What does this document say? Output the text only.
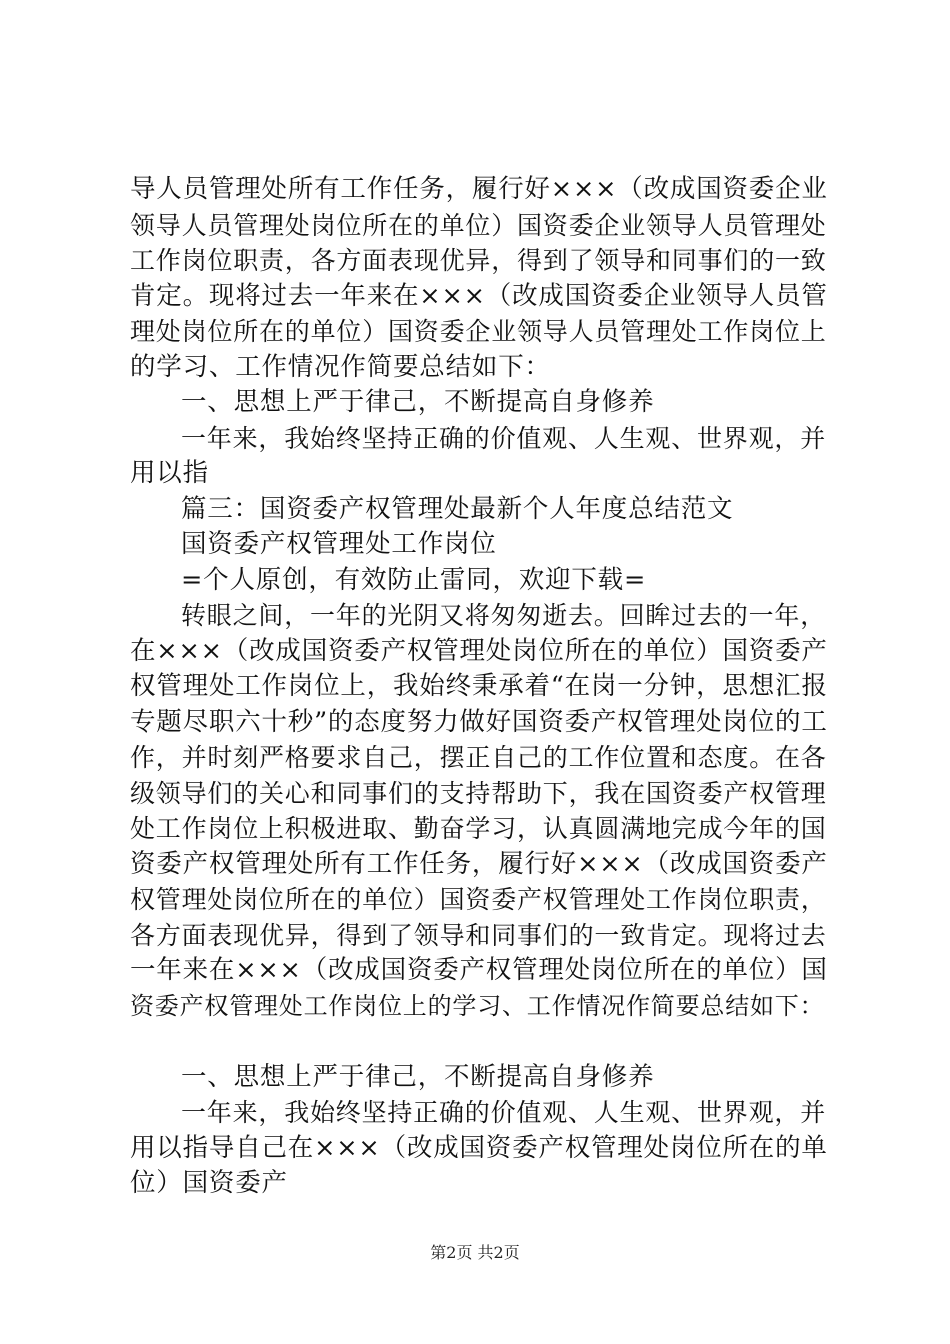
导人员管理处所有工作任务，履行好×××（改成国资委企业
领导人员管理处岗位所在的单位）国资委企业领导人员管理处
工作岗位职责，各方面表现优异，得到了领导和同事们的一致
肯定。现将过去一年来在×××（改成国资委企业领导人员管
理处岗位所在的单位）国资委企业领导人员管理处工作岗位上
的学习、工作情况作简要总结如下：
一、思想上严于律己，不断提高自身修养
一年来，我始终坚持正确的价值观、人生观、世界观，并
用以指
篇三：国资委产权管理处最新个人年度总结范文
国资委产权管理处工作岗位
=个人原创，有效防止雷同，欢迎下载=
转眼之间，一年的光阴又将匆匆逝去。回眸过去的一年，
在×××（改成国资委产权管理处岗位所在的单位）国资委产
权管理处工作岗位上，我始终秉承着“在岗一分钟，思想汇报
专题尽职六十秒”的态度努力做好国资委产权管理处岗位的工
作，并时刻严格要求自己，摆正自己的工作位置和态度。在各
级领导们的关心和同事们的支持帮助下，我在国资委产权管理
处工作岗位上积极进取、勤奋学习，认真圆满地完成今年的国
资委产权管理处所有工作任务，履行好×××（改成国资委产
权管理处岗位所在的单位）国资委产权管理处工作岗位职责，
各方面表现优异，得到了领导和同事们的一致肯定。现将过去
一年来在×××（改成国资委产权管理处岗位所在的单位）国
资委产权管理处工作岗位上的学习、工作情况作简要总结如下：
一、思想上严于律己，不断提高自身修养
一年来，我始终坚持正确的价值观、人生观、世界观，并
用以指导自己在×××（改成国资委产权管理处岗位所在的单
位）国资委产
第2页 共2页
